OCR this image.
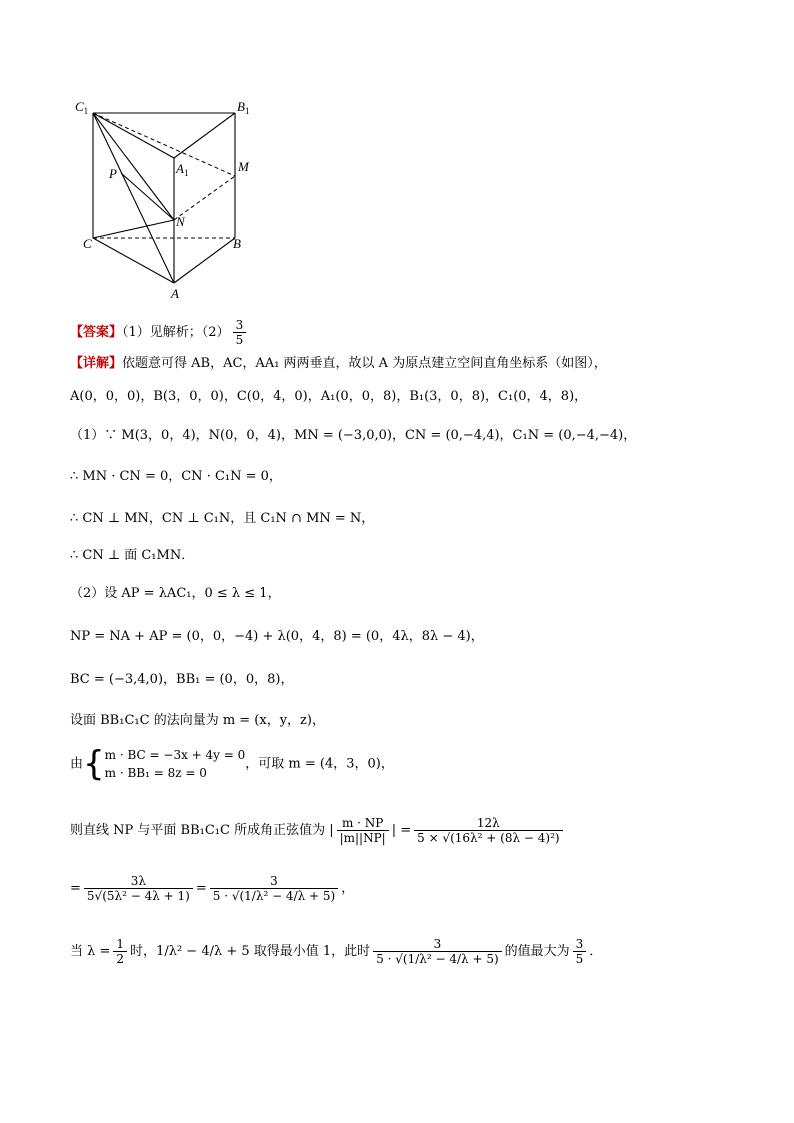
$C_1$	$B_1$
$A_1$	M
P
N
C	B
A
【答案】（1）见解析；$(2) \frac{3}{5}$
【详解】依题意可得 AB，AC，AA₁ 两两垂直，故以 A 为原点建立空间直角坐标系（如图），
A(0，0，0)，B(3，0，0)，C(0，4，0)，A₁(0，0，8)，B₁(3，0，8)，C₁(0，4，8)，
（1）∵ M(3，0，4)，N(0，0，4)，MN = (−3,0,0)，CN = (0,−4,4)，C₁N = (0,−4,−4)，
∴ MN · CN = 0，CN · C₁N = 0，
∴ CN ⊥ MN，CN ⊥ C₁N，且 C₁N ∩ MN = N，
∴ CN ⊥ 面 C₁MN．
（2）设 AP = λAC₁，0 ≤ λ ≤ 1，
NP = NA + AP = (0，0，−4) + λ(0，4，8) = (0，4λ，8λ − 4)，
BC = (−3,4,0)，BB₁ = (0，0，8)，
设面 BB₁C₁C 的法向量为 m = (x，y，z)，
由{ m · BC = −3x + 4y = 0
m · BB₁ = 8z = 0
，可取 m = (4，3，0)，
则直线 NP 与平面 BB₁C₁C 所成角正弦值为 | $\frac{m \cdot NP}{|m||NP|}$ | = $\frac{12\lambda}{\text{5 × √(16λ² + (8λ − 4)²)}}$
= $\frac{3\lambda}{\text{5√(5λ² − 4λ + 1)}} = \frac{3}{\text{5 · √(1/λ² − 4/λ + 5)}}$ ，
当 $\lambda = \frac{1}{2}$ 时，1/λ² − 4/λ + 5 取得最小值 1，此时 $\frac{3}{\text{5 · √(1/λ² − 4/λ + 5)}}$ 的值最大为 $\frac{3}{5}$ ．
